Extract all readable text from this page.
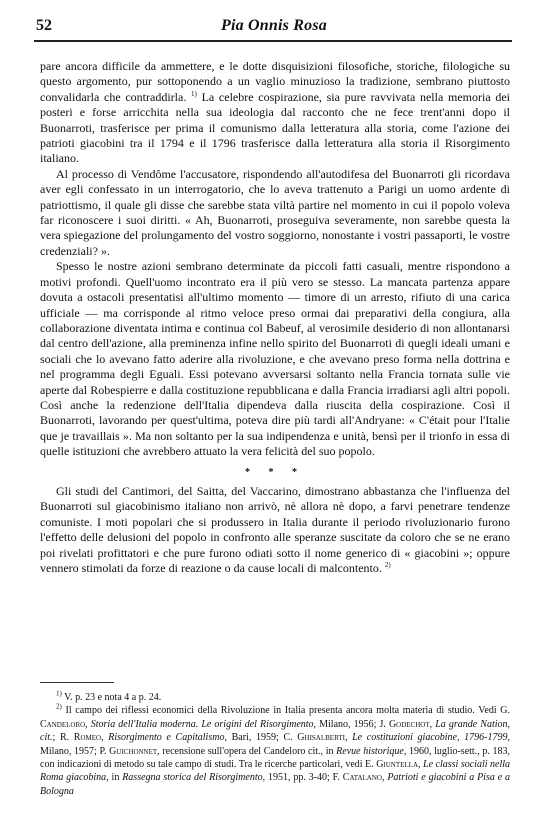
52	Pia Onnis Rosa

pare ancora difficile da ammettere, e le dotte disquisizioni filosofiche, storiche, filologiche su questo argomento, pur sottoponendo a un vaglio minuzioso la tradizione, sembrano piuttosto convalidarla che contraddirla. $^{1)}$ La celebre cospirazione, sia pure ravvivata nella memoria dei posteri e forse arricchita nella sua ideologia dal racconto che ne fece trent'anni dopo il Buonarroti, trasferisce per prima il comunismo dalla letteratura alla storia, come l'azione dei patrioti giacobini tra il 1794 e il 1796 trasferisce dalla letteratura alla storia il Risorgimento italiano.

Al processo di Vendôme l'accusatore, rispondendo all'autodifesa del Buonarroti gli ricordava aver egli confessato in un interrogatorio, che lo aveva trattenuto a Parigi un uomo ardente di patriottismo, il quale gli disse che sarebbe stata viltà partire nel momento in cui il popolo voleva far riconoscere i suoi diritti. « Ah, Buonarroti, proseguiva severamente, non sarebbe questa la vera spiegazione del prolungamento del vostro soggiorno, nonostante i vostri passaporti, le vostre credenziali? ».

Spesso le nostre azioni sembrano determinate da piccoli fatti casuali, mentre rispondono a motivi profondi. Quell'uomo incontrato era il più vero se stesso. La mancata partenza appare dovuta a ostacoli presentatisi all'ultimo momento — timore di un arresto, rifiuto di una carica ufficiale — ma corrisponde al ritmo veloce preso ormai dai preparativi della congiura, alla collaborazione diventata intima e continua col Babeuf, al verosimile desiderio di non allontanarsi dal centro dell'azione, alla preminenza infine nello spirito del Buonarroti di quegli ideali umani e sociali che lo avevano fatto aderire alla rivoluzione, e che avevano preso forma nella dottrina e nel programma degli Eguali. Essi potevano avversarsi soltanto nella Francia tornata sulle vie aperte dal Robespierre e dalla costituzione repubblicana e dalla Francia irradiarsi agli altri popoli. Così anche la redenzione dell'Italia dipendeva dalla riuscita della cospirazione. Così il Buonarroti, lavorando per quest'ultima, poteva dire più tardi all'Andryane: « C'était pour l'Italie que je travaillais ». Ma non soltanto per la sua indipendenza e unità, bensì per il trionfo in essa di quelle istituzioni che avrebbero attuato la vera felicità del suo popolo.

* * *

Gli studi del Cantimori, del Saitta, del Vaccarino, dimostrano abbastanza che l'influenza del Buonarroti sul giacobinismo italiano non arrivò, nè allora nè dopo, a farvi penetrare tendenze comuniste. I moti popolari che si produssero in Italia durante il periodo rivoluzionario furono l'effetto delle delusioni del popolo in confronto alle speranze suscitate da coloro che se ne erano poi rivelati profittatori e che pure furono odiati sotto il nome generico di « giacobini »; oppure vennero stimolati da forze di reazione o da cause locali di malcontento. $^{2)}$

$^{1)}$ V. p. 23 e nota 4 a p. 24.

$^{2)}$ Il campo dei riflessi economici della Rivoluzione in Italia presenta ancora molta materia di studio. Vedi G. Candeloro, Storia dell'Italia moderna. Le origini del Risorgimento, Milano, 1956; J. Godechot, La grande Nation, cit.; R. Romeo, Risorgimento e Capitalismo, Bari, 1959; C. Ghisalberti, Le costituzioni giacobine, 1796-1799, Milano, 1957; P. Guichonnet, recensione sull'opera del Candeloro cit., in Revue historique, 1960, luglio-sett., p. 183, con indicazioni di metodo su tale campo di studi. Tra le ricerche particolari, vedi E. Giuntella, Le classi sociali nella Roma giacobina, in Rassegna storica del Risorgimento, 1951, pp. 3-40; F. Catalano, Patrioti e giacobini a Pisa e a Bologna
